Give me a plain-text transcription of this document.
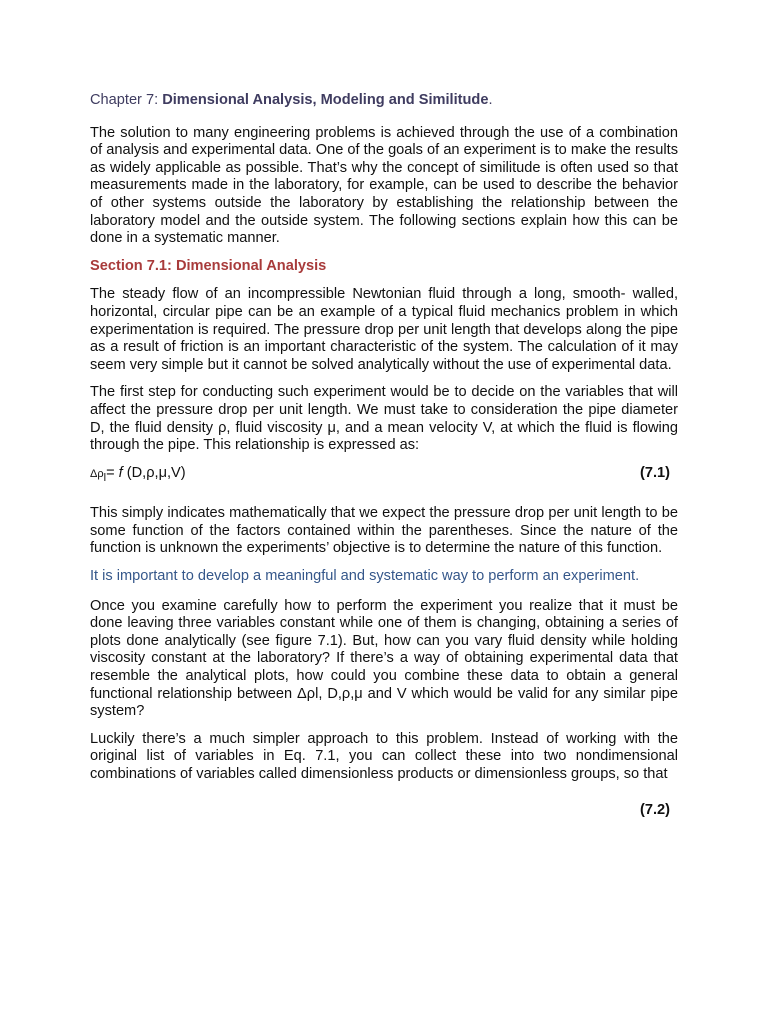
Chapter 7: Dimensional Analysis, Modeling and Similitude.

The solution to many engineering problems is achieved through the use of a combination of analysis and experimental data. One of the goals of an experiment is to make the results as widely applicable as possible. That’s why the concept of similitude is often used so that measurements made in the laboratory, for example, can be used to describe the behavior of other systems outside the laboratory by establishing the relationship between the laboratory model and the outside system. The following sections explain how this can be done in a systematic manner.

Section 7.1: Dimensional Analysis

The steady flow of an incompressible Newtonian fluid through a long, smooth- walled, horizontal, circular pipe can be an example of a typical fluid mechanics problem in which experimentation is required. The pressure drop per unit length that develops along the pipe as a result of friction is an important characteristic of the system. The calculation of it may seem very simple but it cannot be solved analytically without the use of experimental data.

The first step for conducting such experiment would be to decide on the variables that will affect the pressure drop per unit length. We must take to consideration the pipe diameter D, the fluid density ρ, fluid viscosity μ, and a mean velocity V, at which the fluid is flowing through the pipe. This relationship is expressed as:

$\Delta\rho_l= f$ (D,ρ,μ,V)	(7.1)

This simply indicates mathematically that we expect the pressure drop per unit length to be some function of the factors contained within the parentheses. Since the nature of the function is unknown the experiments’ objective is to determine the nature of this function.

It is important to develop a meaningful and systematic way to perform an experiment.

Once you examine carefully how to perform the experiment you realize that it must be done leaving three variables constant while one of them is changing, obtaining a series of plots done analytically (see figure 7.1). But, how can you vary fluid density while holding viscosity constant at the laboratory? If there’s a way of obtaining experimental data that resemble the analytical plots, how could you combine these data to obtain a general functional relationship between Δρl, D,ρ,μ and V which would be valid for any similar pipe system?

Luckily there’s a much simpler approach to this problem. Instead of working with the original list of variables in Eq. 7.1, you can collect these into two nondimensional combinations of variables called dimensionless products or dimensionless groups, so that

(7.2)
